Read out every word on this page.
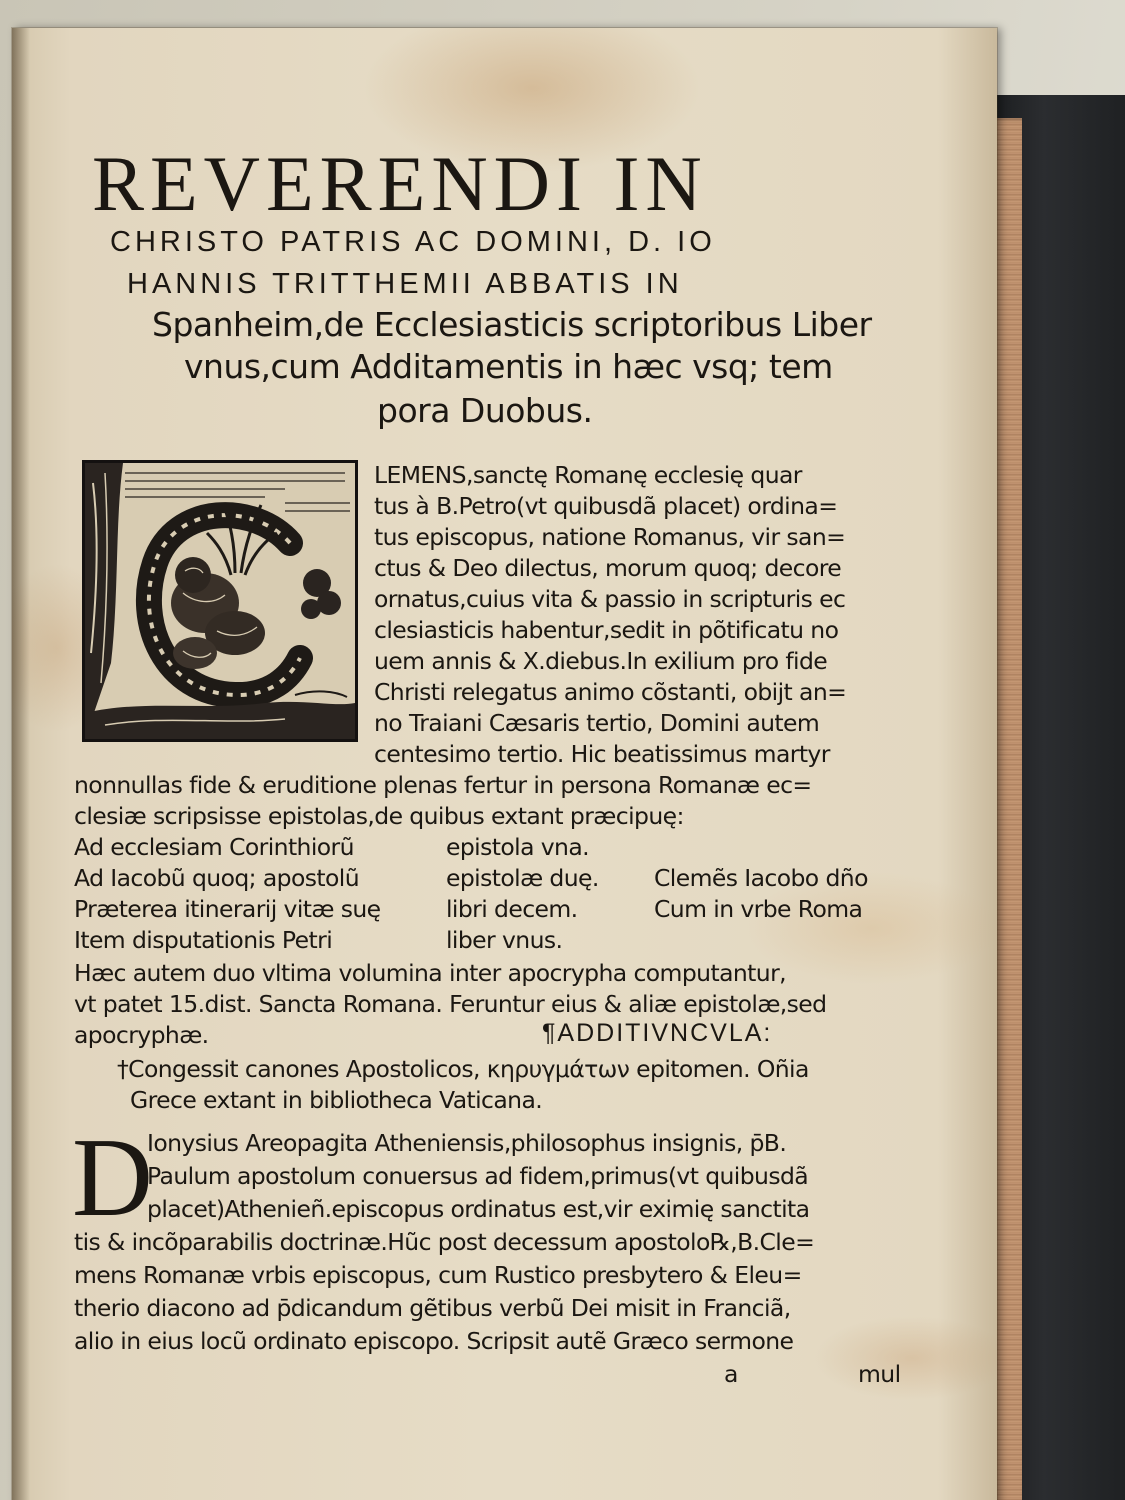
REVERENDI IN
CHRISTO PATRIS AC DOMINI, D. IO
HANNIS TRITTHEMII ABBATIS IN
Spanheim,de Ecclesiasticis scriptoribus Liber
vnus,cum Additamentis in hæc vsq; tem
pora Duobus.
LEMENS,sanctę Romanę ecclesię quar
tus à B.Petro(vt quibusdã placet) ordina=
tus episcopus, natione Romanus, vir san=
ctus & Deo dilectus, morum quoq; decore
ornatus,cuius vita & passio in scripturis ec
clesiasticis habentur,sedit in põtificatu no
uem annis & X.diebus.In exilium pro fide
Christi relegatus animo cõstanti, obijt an=
no Traiani Cæsaris tertio, Domini autem
centesimo tertio. Hic beatissimus martyr
nonnullas fide & eruditione plenas fertur in persona Romanæ ec=
clesiæ scripsisse epistolas,de quibus extant præcipuę:
Ad ecclesiam Corinthiorũ	epistola vna.
Ad Iacobũ quoq; apostolũ	epistolæ duę. Clemẽs Iacobo dño
Præterea itinerarij vitæ suę	libri decem.	Cum in vrbe Roma
Item disputationis Petri	liber vnus.
Hæc autem duo vltima volumina inter apocrypha computantur,
vt patet 15.dist. Sancta Romana. Feruntur eius & aliæ epistolæ,sed
apocryphæ.	¶ADDITIVNCVLA:
†Congessit canones Apostolicos, κηρυγμάτων epitomen. Oñia
Grece extant in bibliotheca Vaticana.
D
Ionysius Areopagita Atheniensis,philosophus insignis, p̄B.
Paulum apostolum conuersus ad fidem,primus(vt quibusdã
placet)Athenieñ.episcopus ordinatus est,vir eximię sanctita
tis & incõparabilis doctrinæ.Hũc post decessum apostolo℞,B.Cle=
mens Romanæ vrbis episcopus, cum Rustico presbytero & Eleu=
therio diacono ad p̄dicandum gẽtibus verbũ Dei misit in Franciã,
alio in eius locũ ordinato episcopo. Scripsit autẽ Græco sermone
a	mul
